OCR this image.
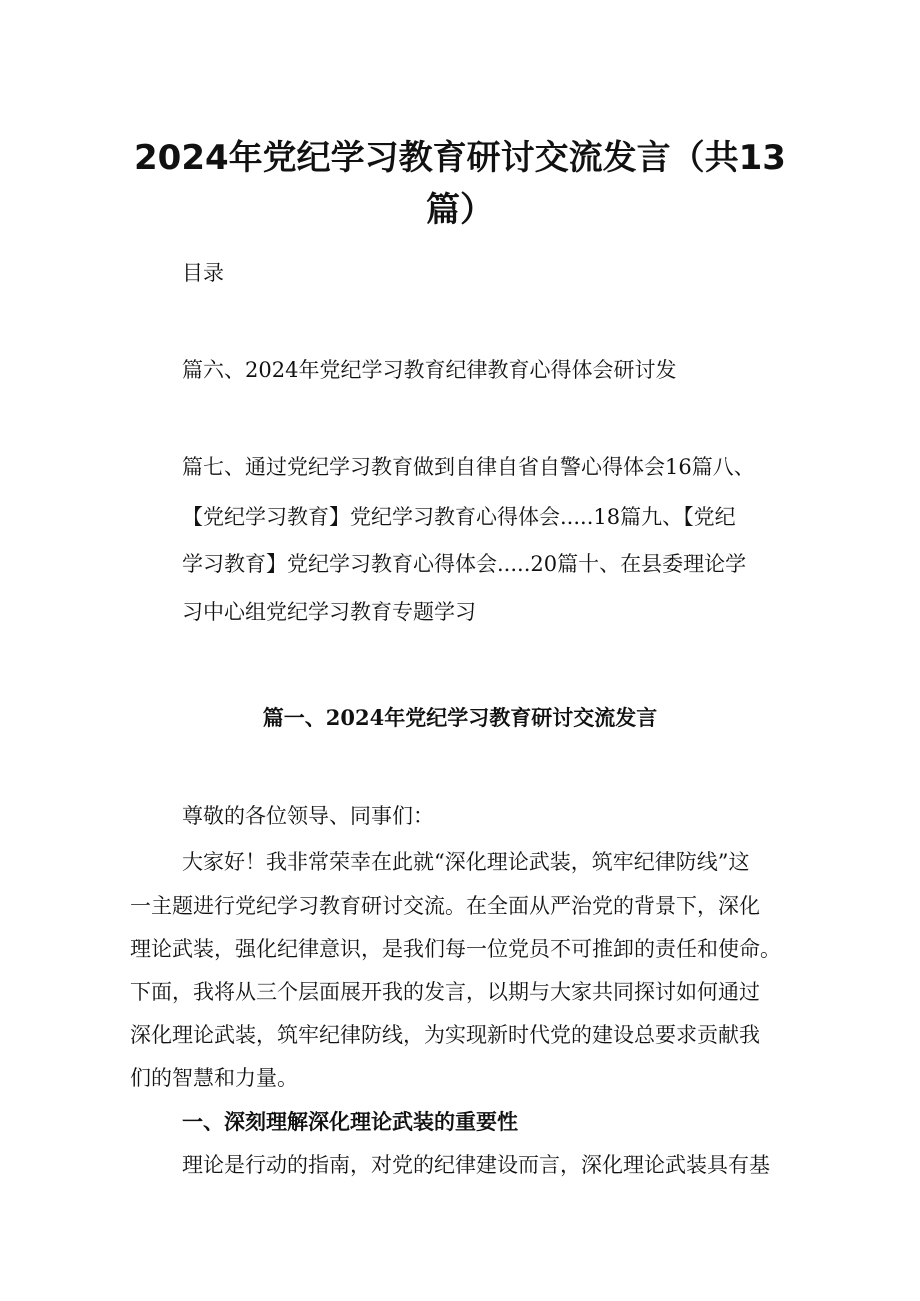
2024年党纪学习教育研讨交流发言（共13
篇）
目录
篇六、2024年党纪学习教育纪律教育心得体会研讨发
篇七、通过党纪学习教育做到自律自省自警心得体会16篇八、
【党纪学习教育】党纪学习教育心得体会.....18篇九、【党纪
学习教育】党纪学习教育心得体会.....20篇十、在县委理论学
习中心组党纪学习教育专题学习
篇一、2024年党纪学习教育研讨交流发言
尊敬的各位领导、同事们：
大家好！我非常荣幸在此就“深化理论武装，筑牢纪律防线”这
一主题进行党纪学习教育研讨交流。在全面从严治党的背景下，深化
理论武装，强化纪律意识，是我们每一位党员不可推卸的责任和使命。
下面，我将从三个层面展开我的发言，以期与大家共同探讨如何通过
深化理论武装，筑牢纪律防线，为实现新时代党的建设总要求贡献我
们的智慧和力量。
一、深刻理解深化理论武装的重要性
理论是行动的指南，对党的纪律建设而言，深化理论武装具有基
